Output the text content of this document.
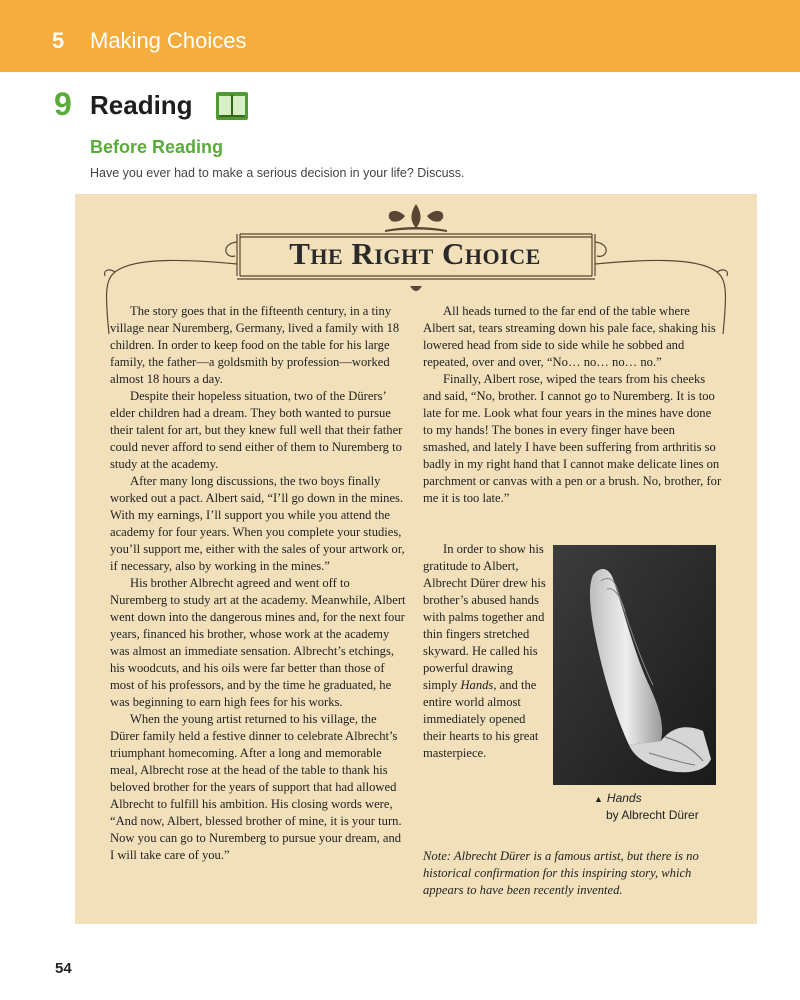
5 Making Choices
9 Reading
Before Reading
Have you ever had to make a serious decision in your life? Discuss.
The Right Choice

The story goes that in the fifteenth century, in a tiny village near Nuremberg, Germany, lived a family with 18 children. In order to keep food on the table for his large family, the father—a goldsmith by profession—worked almost 18 hours a day.

Despite their hopeless situation, two of the Dürers’ elder children had a dream. They both wanted to pursue their talent for art, but they knew full well that their father could never afford to send either of them to Nuremberg to study at the academy.

After many long discussions, the two boys finally worked out a pact. Albert said, “I’ll go down in the mines. With my earnings, I’ll support you while you attend the academy for four years. When you complete your studies, you’ll support me, either with the sales of your artwork or, if necessary, also by working in the mines.”

His brother Albrecht agreed and went off to Nuremberg to study art at the academy. Meanwhile, Albert went down into the dangerous mines and, for the next four years, financed his brother, whose work at the academy was almost an immediate sensation. Albrecht’s etchings, his woodcuts, and his oils were far better than those of most of his professors, and by the time he graduated, he was beginning to earn high fees for his works.

When the young artist returned to his village, the Dürer family held a festive dinner to celebrate Albrecht’s triumphant homecoming. After a long and memorable meal, Albrecht rose at the head of the table to thank his beloved brother for the years of support that had allowed Albrecht to fulfill his ambition. His closing words were, “And now, Albert, blessed brother of mine, it is your turn. Now you can go to Nuremberg to pursue your dream, and I will take care of you.”

All heads turned to the far end of the table where Albert sat, tears streaming down his pale face, shaking his lowered head from side to side while he sobbed and repeated, over and over, “No… no… no… no.”

Finally, Albert rose, wiped the tears from his cheeks and said, “No, brother. I cannot go to Nuremberg. It is too late for me. Look what four years in the mines have done to my hands! The bones in every finger have been smashed, and lately I have been suffering from arthritis so badly in my right hand that I cannot make delicate lines on parchment or canvas with a pen or a brush. No, brother, for me it is too late.”

In order to show his gratitude to Albert, Albrecht Dürer drew his brother’s abused hands with palms together and thin fingers stretched skyward. He called his powerful drawing simply Hands, and the entire world almost immediately opened their hearts to his great masterpiece.

▲ Hands
by Albrecht Dürer
Note: Albrecht Dürer is a famous artist, but there is no historical confirmation for this inspiring story, which appears to have been recently invented.
54
